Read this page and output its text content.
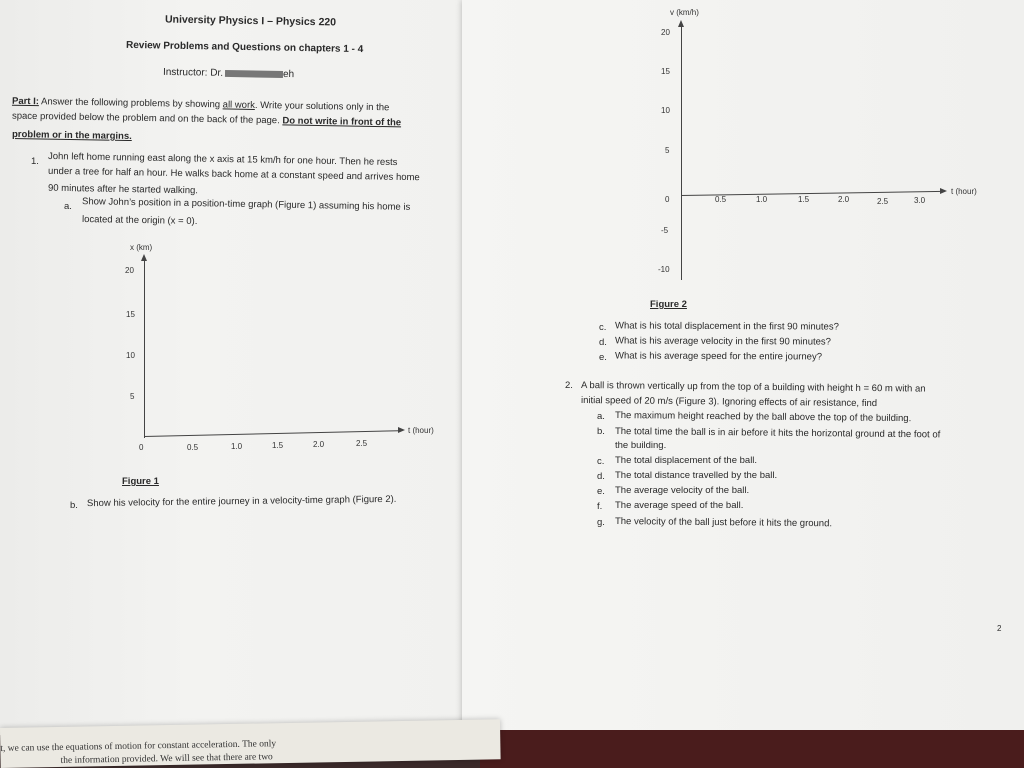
University Physics I – Physics 220
Review Problems and Questions on chapters 1 - 4
Instructor: Dr.	eh
Part I: Answer the following problems by showing all work. Write your solutions only in the
space provided below the problem and on the back of the page. Do not write in front of the
problem or in the margins.
1. John left home running east along the x axis at 15 km/h for one hour. Then he rests
under a tree for half an hour. He walks back home at a constant speed and arrives home
90 minutes after he started walking.
a. Show John’s position in a position-time graph (Figure 1) assuming his home is
located at the origin (x = 0).
x (km)
t (hour)
20
15
10
5
0	0.5	1.0	1.5	2.0	2.5
Figure 1
b. Show his velocity for the entire journey in a velocity-time graph (Figure 2).
v (km/h)
t (hour)
20
15
10
5
0
-5
-10
0.5	1.0	1.5	2.0	2.5	3.0
Figure 2
c. What is his total displacement in the first 90 minutes?
d. What is his average velocity in the first 90 minutes?
e. What is his average speed for the entire journey?
2. A ball is thrown vertically up from the top of a building with height h = 60 m with an
initial speed of 20 m/s (Figure 3). Ignoring effects of air resistance, find
a. The maximum height reached by the ball above the top of the building.
b. The total time the ball is in air before it hits the horizontal ground at the foot of
the building.
c. The total displacement of the ball.
d. The total distance travelled by the ball.
e. The average velocity of the ball.
f. The average speed of the ball.
g. The velocity of the ball just before it hits the ground.
2
t, we can use the equations of motion for constant acceleration. The only
the information provided. We will see that there are two
